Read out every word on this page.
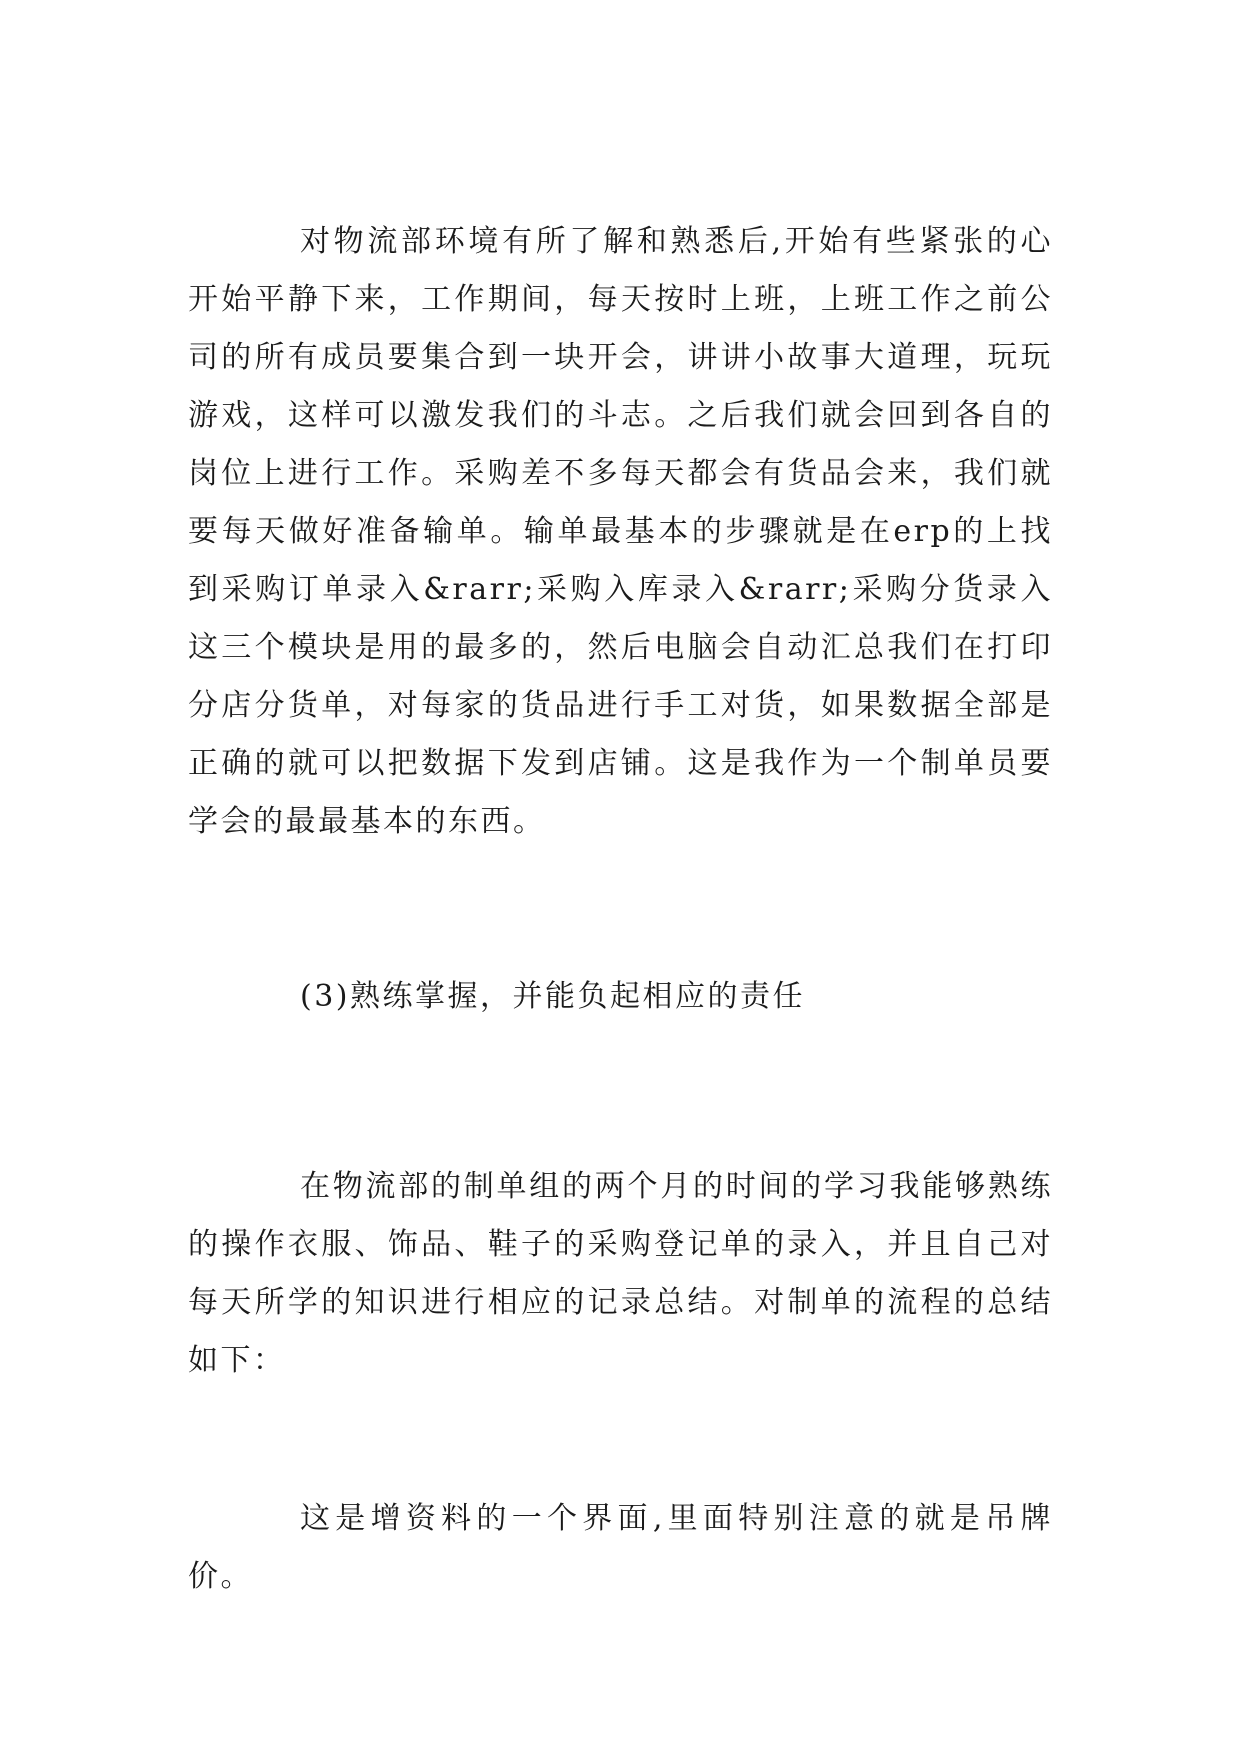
对物流部环境有所了解和熟悉后,开始有些紧张的心开始平静下来，工作期间，每天按时上班，上班工作之前公司的所有成员要集合到一块开会，讲讲小故事大道理，玩玩游戏，这样可以激发我们的斗志。之后我们就会回到各自的岗位上进行工作。采购差不多每天都会有货品会来，我们就要每天做好准备输单。输单最基本的步骤就是在erp的上找到采购订单录入&rarr;采购入库录入&rarr;采购分货录入这三个模块是用的最多的，然后电脑会自动汇总我们在打印分店分货单，对每家的货品进行手工对货，如果数据全部是正确的就可以把数据下发到店铺。这是我作为一个制单员要学会的最最基本的东西。

(3)熟练掌握，并能负起相应的责任

在物流部的制单组的两个月的时间的学习我能够熟练的操作衣服、饰品、鞋子的采购登记单的录入，并且自己对每天所学的知识进行相应的记录总结。对制单的流程的总结如下：

这是增资料的一个界面,里面特别注意的就是吊牌价。
